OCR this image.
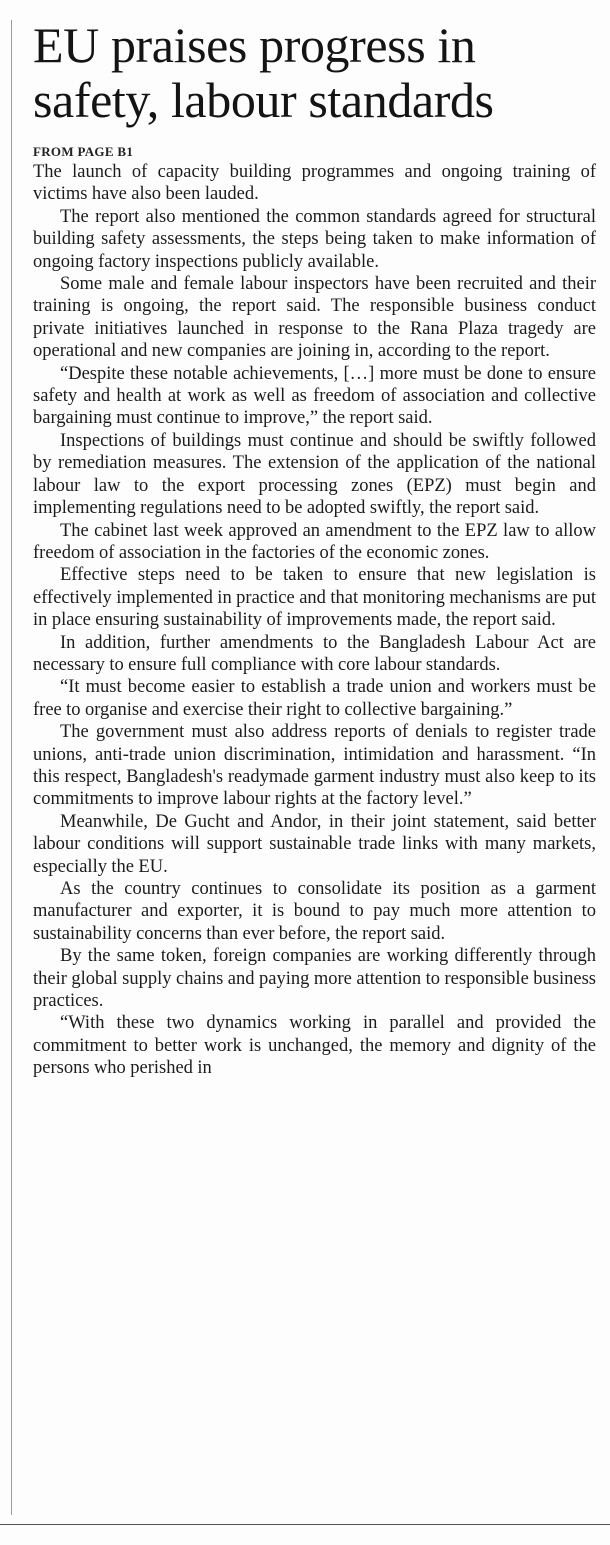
EU praises progress in safety, labour standards
FROM PAGE B1

The launch of capacity building programmes and ongoing training of victims have also been lauded.

The report also mentioned the common standards agreed for structural building safety assessments, the steps being taken to make information of ongoing factory inspections publicly available.

Some male and female labour inspectors have been recruited and their training is ongoing, the report said. The responsible business conduct private initiatives launched in response to the Rana Plaza tragedy are operational and new companies are joining in, according to the report.

“Despite these notable achievements, […] more must be done to ensure safety and health at work as well as freedom of association and collective bargaining must continue to improve,” the report said.

Inspections of buildings must continue and should be swiftly followed by remediation measures. The extension of the application of the national labour law to the export processing zones (EPZ) must begin and implementing regulations need to be adopted swiftly, the report said.

The cabinet last week approved an amendment to the EPZ law to allow freedom of association in the factories of the economic zones.

Effective steps need to be taken to ensure that new legislation is effectively implemented in practice and that monitoring mechanisms are put in place ensuring sustainability of improvements made, the report said.

In addition, further amendments to the Bangladesh Labour Act are necessary to ensure full compliance with core labour standards.

“It must become easier to establish a trade union and workers must be free to organise and exercise their right to collective bargaining.”

The government must also address reports of denials to register trade unions, anti-trade union discrimination, intimidation and harassment. “In this respect, Bangladesh's readymade garment industry must also keep to its commitments to improve labour rights at the factory level.”

Meanwhile, De Gucht and Andor, in their joint statement, said better labour conditions will support sustainable trade links with many markets, especially the EU.

As the country continues to consolidate its position as a garment manufacturer and exporter, it is bound to pay much more attention to sustainability concerns than ever before, the report said.

By the same token, foreign companies are working differently through their global supply chains and paying more attention to responsible business practices.

“With these two dynamics working in parallel and provided the commitment to better work is unchanged, the memory and dignity of the persons who perished in
